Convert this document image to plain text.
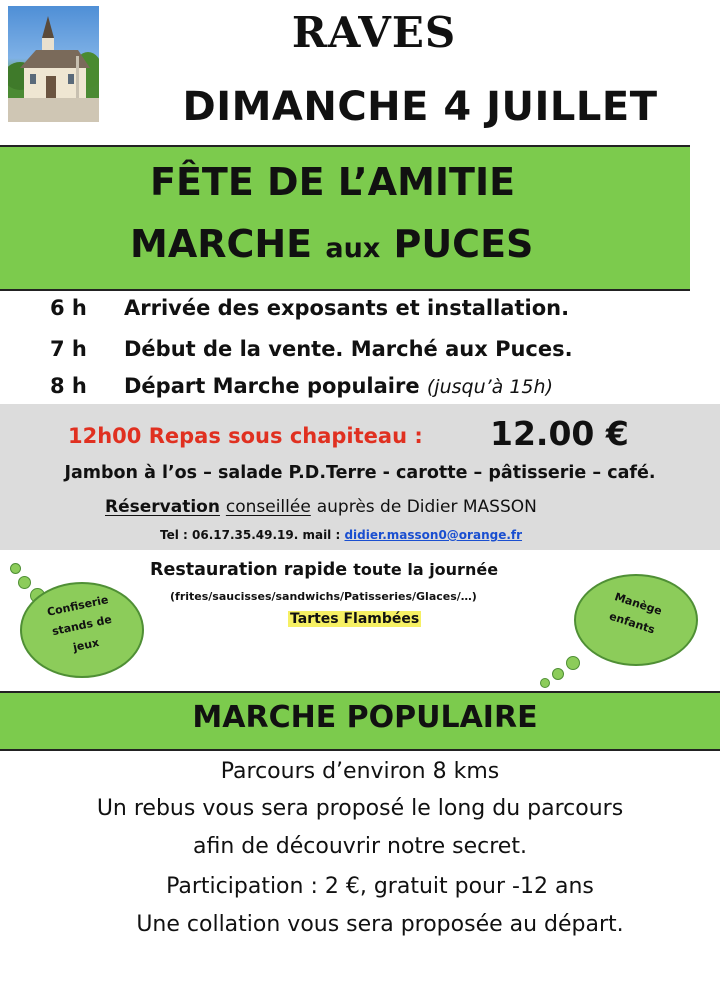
RAVES
DIMANCHE 4 JUILLET
FÊTE DE L’AMITIE
MARCHE aux PUCES
6 h Arrivée des exposants et installation.
7 h Début de la vente. Marché aux Puces.
8 h Départ Marche populaire (jusqu’à 15h)
12h00 Repas sous chapiteau : 12.00 €
Jambon à l’os – salade P.D.Terre - carotte – pâtisserie – café.
Réservation conseillée auprès de Didier MASSON
Tel : 06.17.35.49.19. mail : didier.masson0@orange.fr
Restauration rapide toute la journée
(frites/saucisses/sandwichs/Patisseries/Glaces/…)
Tartes Flambées
Confiserie
stands de
jeux
Manège
enfants
MARCHE POPULAIRE
Parcours d’environ 8 kms
Un rebus vous sera proposé le long du parcours
afin de découvrir notre secret.
Participation : 2 €, gratuit pour -12 ans
Une collation vous sera proposée au départ.
